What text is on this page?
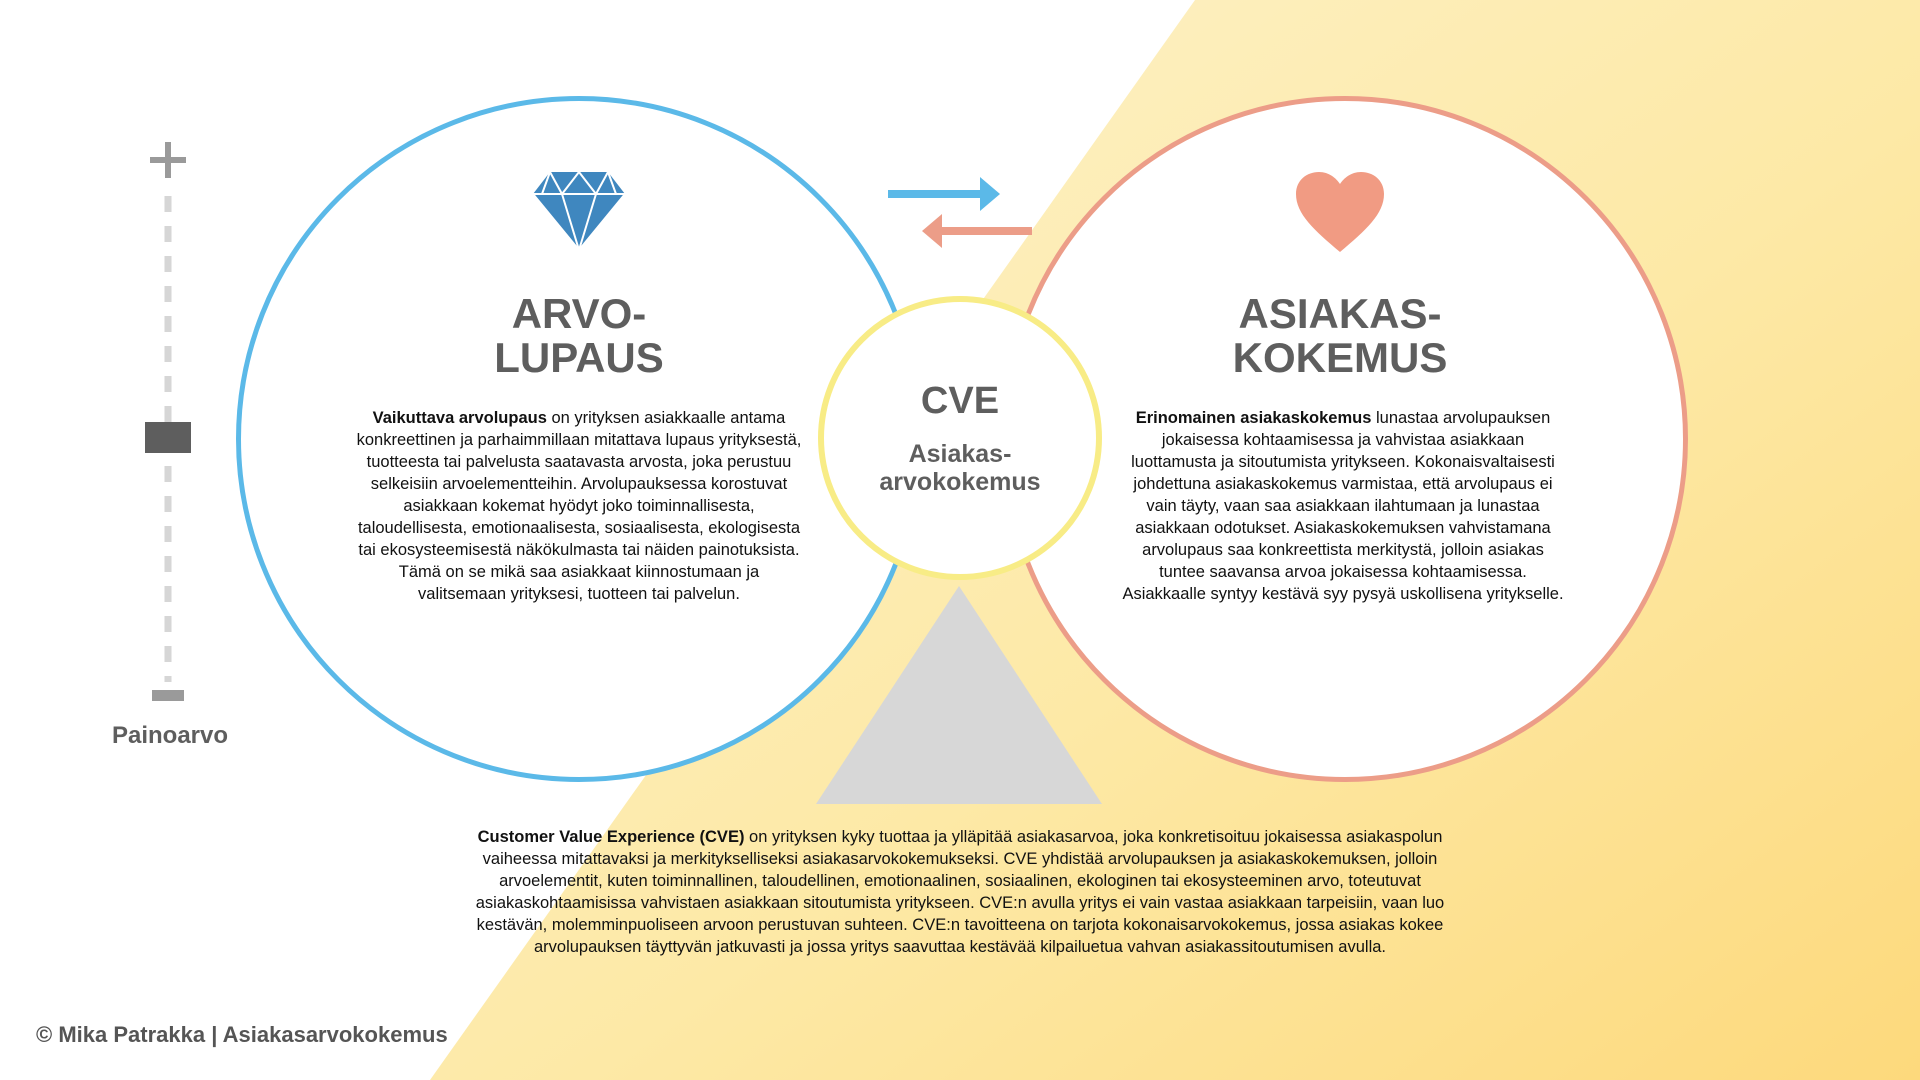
Painoarvo
CVE
Asiakas-
arvokokemus
ARVO-
LUPAUS
Vaikuttava arvolupaus on yrityksen asiakkaalle antama konkreettinen ja parhaimmillaan mitattava lupaus yrityksestä, tuotteesta tai palvelusta saatavasta arvosta, joka perustuu selkeisiin arvoelementteihin. Arvolupauksessa korostuvat asiakkaan kokemat hyödyt joko toiminnallisesta, taloudellisesta, emotionaalisesta, sosiaalisesta, ekologisesta tai ekosysteemisestä näkökulmasta tai näiden painotuksista. Tämä on se mikä saa asiakkaat kiinnostumaan ja valitsemaan yrityksesi, tuotteen tai palvelun.
ASIAKAS-
KOKEMUS
Erinomainen asiakaskokemus lunastaa arvolupauksen jokaisessa kohtaamisessa ja vahvistaa asiakkaan luottamusta ja sitoutumista yritykseen. Kokonaisvaltaisesti johdettuna asiakaskokemus varmistaa, että arvolupaus ei vain täyty, vaan saa asiakkaan ilahtumaan ja lunastaa asiakkaan odotukset. Asiakaskokemuksen vahvistamana arvolupaus saa konkreettista merkitystä, jolloin asiakas tuntee saavansa arvoa jokaisessa kohtaamisessa. Asiakkaalle syntyy kestävä syy pysyä uskollisena yritykselle.
Customer Value Experience (CVE) on yrityksen kyky tuottaa ja ylläpitää asiakasarvoa, joka konkretisoituu jokaisessa asiakaspolun vaiheessa mitattavaksi ja merkitykselliseksi asiakasarvokokemukseksi. CVE yhdistää arvolupauksen ja asiakaskokemuksen, jolloin arvoelementit, kuten toiminnallinen, taloudellinen, emotionaalinen, sosiaalinen, ekologinen tai ekosysteeminen arvo, toteutuvat asiakaskohtaamisissa vahvistaen asiakkaan sitoutumista yritykseen. CVE:n avulla yritys ei vain vastaa asiakkaan tarpeisiin, vaan luo kestävän, molemminpuoliseen arvoon perustuvan suhteen. CVE:n tavoitteena on tarjota kokonaisarvokokemus, jossa asiakas kokee arvolupauksen täyttyvän jatkuvasti ja jossa yritys saavuttaa kestävää kilpailuetua vahvan asiakassitoutumisen avulla.
© Mika Patrakka | Asiakasarvokokemus
